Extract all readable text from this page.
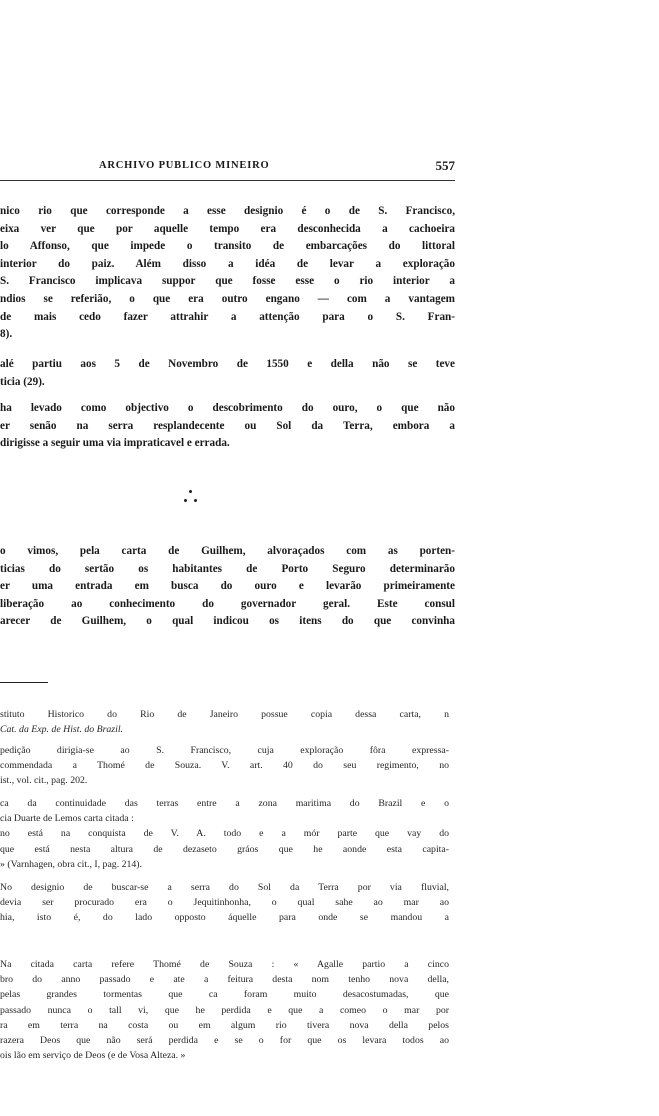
ARCHIVO PUBLICO MINEIRO	557
nico rio que corresponde a esse designio é o de S. Francisco,
eixa ver que por aquelle tempo era desconhecida a cachoeira
lo Affonso, que impede o transito de embarcações do littoral
interior do paiz. Além disso a idéa de levar a exploração
S. Francisco implicava suppor que fosse esse o rio interior a
ndios se referião, o que era outro engano — com a vantagem
de mais cedo fazer attrahir a attenção para o S. Fran-
8).
alé partiu aos 5 de Novembro de 1550 e della não se teve
ticia (29).
ha levado como objectivo o descobrimento do ouro, o que não
er senão na serra resplandecente ou Sol da Terra, embora a
dirigisse a seguir uma via impraticavel e errada.
o vimos, pela carta de Guilhem, alvoraçados com as porten-
ticias do sertão os habitantes de Porto Seguro determinarão
er uma entrada em busca do ouro e levarão primeiramente
liberação ao conhecimento do governador geral. Este consul
arecer de Guilhem, o qual indicou os itens do que convinha
stituto Historico do Rio de Janeiro possue copia dessa carta, n
Cat. da Exp. de Hist. do Brazil.
pedição dirigia-se ao S. Francisco, cuja exploração fôra expressa-
commendada a Thomé de Souza. V. art. 40 do seu regimento, no
ist., vol. cit., pag. 202.
ca da continuidade das terras entre a zona maritima do Brazil e o
cia Duarte de Lemos carta citada :
no está na conquista de V. A. todo e a mór parte que vay do
que está nesta altura de dezaseto gráos que he aonde esta capita-
» (Varnhagen, obra cit., I, pag. 214).
No designio de buscar-se a serra do Sol da Terra por via fluvial,
devia ser procurado era o Jequitinhonha, o qual sahe ao mar ao
hia, isto é, do lado opposto áquelle para onde se mandou a
Na citada carta refere Thomé de Souza : « Agalle partio a cinco
bro do anno passado e ate a feitura desta nom tenho nova della,
pelas grandes tormentas que ca foram muito desacostumadas, que
passado nunca o tall vi, que he perdida e que a comeo o mar por
ra em terra na costa ou em algum rio tivera nova della pelos
razera Deos que não será perdida e se o for que os levara todos ao
ois lão em serviço de Deos (e de Vosa Alteza. »
